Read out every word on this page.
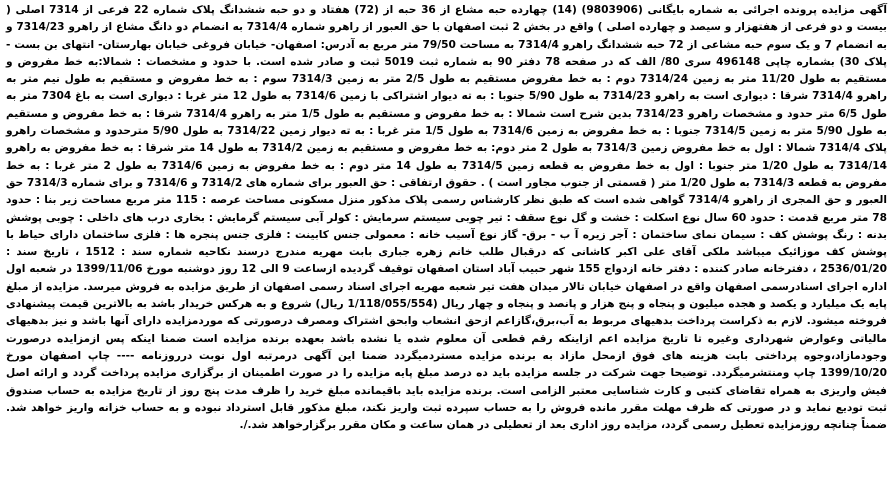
آگهی مزایده پرونده اجرائی به شماره بایگانی (9803906) (14) چهارده حبه مشاع از 36 حبه از (72) هفتاد و دو حبه ششدانگ پلاک شماره 22 فرعی از 7314 اصلی ( بیست و دو فرعی از هفتهزار و سیصد و چهارده اصلی ) واقع در بخش 2 ثبت اصفهان با حق العبور از راهرو شماره 7314/4 به انضمام دو دانگ مشاع از راهرو 7314/23 و به انضمام 7 و یک سوم حبه مشاعی از 72 حبه ششدانگ راهرو 7314/4 به مساحت 79/50 متر مربع به آدرس: اصفهان- خیابان فروغی خیابان بهارستان- انتهای بن بست - پلاک 30) بشماره چاپی 496148 سری 80/ الف که در صفحه 78 دفتر 90 به شماره ثبت 5019 ثبت و صادر شده است. با حدود و مشخصات : شمالا:به خط مفروض و مستقیم به طول 11/20 متر به زمین 7314/24 دوم : به خط مفروض مستقیم به طول 2/5 متر به زمین 7314/3 سوم : به خط مفروض و مستقیم به طول نیم متر به راهرو 7314/4 شرقا : دیواری است به راهرو 7314/23 به طول 5/90 جنوبا : به ته دیوار اشتراکی با زمین 7314/6 به طول 12 متر غربا : دیواری است به باغ 7304 متر به طول 6/5 متر حدود و مشخصات راهرو 7314/23 بدین شرح است شمالا : به خط مفروض و مستقیم به طول 1/5 متر به راهرو 7314/4 شرقا : به خط مفروض و مستقیم به طول 5/90 متر به زمین 7314/5 جنوبا : به خط مفروض به زمین 7314/6 به طول 1/5 متر غربا : به ته دیوار زمین 7314/22 به طول 5/90 مترحدود و مشخصات راهرو پلاک 7314/4 شمالا : اول به خط مفروض زمین 7314/3 به طول 2 متر دوم: به خط مفروض و مستقیم به زمین 7314/2 به طول 14 متر شرقا : به خط مفروض به راهرو 7314/14 به طول 1/20 متر جنوبا : اول به خط مفروض به قطعه زمین 7314/5 به طول 14 متر دوم : به خط مفروض به زمین 7314/6 به طول 2 متر غربا : به خط مفروض به قطعه 7314/3 به طول 1/20 متر ( قسمتی از جنوب مجاور است ) . حقوق ارتفاقی : حق العبور برای شماره های 7314/2 و 7314/6 و برای شماره 7314/3 حق العبور و حق المجری از راهرو 7314/4 گواهی شده است که طبق نظر کارشناس رسمی پلاک مذکور منزل مسکونی مساحت عرصه : 115 متر مربع مساحت زیر بنا : حدود 78 متر مربع قدمت : حدود 60 سال نوع اسکلت : خشت و گل نوع سقف : تیر چوبی سیستم سرمایش : کولر آبی سیستم گرمایش : بخاری درب های داخلی : چوبی پوشش بدنه : رنگ پوشش کف : سیمان نمای ساختمان : آجر زیره آ ب - برق- گاز نوع آسیب خانه : معمولی جنس کابینت : فلزی جنس پنجره ها : فلزی ساختمان دارای حیاط با پوشش کف موزائیک میباشد ملکی آقای علی اکبر کاشانی که درقبال طلب خانم زهره جباری بابت مهریه مندرج درسند نکاحیه شماره سند : 1512 ، تاریخ سند : 2536/01/20 ، دفترخانه صادر کننده : دفتر خانه ازدواج 155 شهر حبیب آباد استان اصفهان توقیف گردیده ازساعت 9 الی 12 روز دوشنبه مورخ 1399/11/06 در شعبه اول اداره اجرای اسنادرسمی اصفهان واقع در اصفهان خیابان تالار میدان هفت تیر شعبه مهریه اجرای اسناد رسمی اصفهان از طریق مزایده به فروش میرسد. مزایده از مبلغ پایه یک میلیارد و یکصد و هجده میلیون و پنجاه و پنج هزار و پانصد و پنجاه و چهار ریال (1/118/055/554 ریال) شروع و به هرکس خریدار باشد به بالاترین قیمت پیشنهادی فروخته میشود. لازم به ذکراست پرداخت بدهیهای مربوط به آب،برق،گازاعم ازحق انشعاب وابحق اشتراک ومصرف درصورتی که موردمزایده دارای آنها باشد و نیز بدهیهای مالیاتی وعوارض شهرداری وغیره تا تاریخ مزایده اعم ازاینکه رقم قطعی آن معلوم شده یا نشده باشد بعهده برنده مزایده است ضمنا اینکه پس ازمزایده درصورت وجودمازاد،وجوه پرداختی بابت هزینه های فوق ازمحل مازاد به برنده مزایده مستردمیگردد ضمنا این آگهی درمرتبه اول نوبت درروزنامه ---- چاپ اصفهان مورخ 1399/10/20 چاپ ومنتشرمیگردد. توضیحا جهت شرکت در جلسه مزایده باید ده درصد مبلغ پایه مزایده را در صورت اطمینان از برگزاری مزایده پرداخت گردد و ارائه اصل فیش واریزی به همراه تقاضای کتبی و کارت شناسایی معتبر الزامی است. برنده مزایده باید باقیمانده مبلغ خرید را ظرف مدت پنج روز از تاریخ مزایده به حساب صندوق ثبت تودیع نماید و در صورتی که ظرف مهلت مقرر مانده فروش را به حساب سپرده ثبت واریز نکند، مبلغ مذکور قابل استرداد نبوده و به حساب خزانه واریز خواهد شد. ضمناً چنانچه روزمزایده تعطیل رسمی گردد، مزایده روز اداری بعد از تعطیلی در همان ساعت و مکان مقرر برگزارخواهد شد./.
